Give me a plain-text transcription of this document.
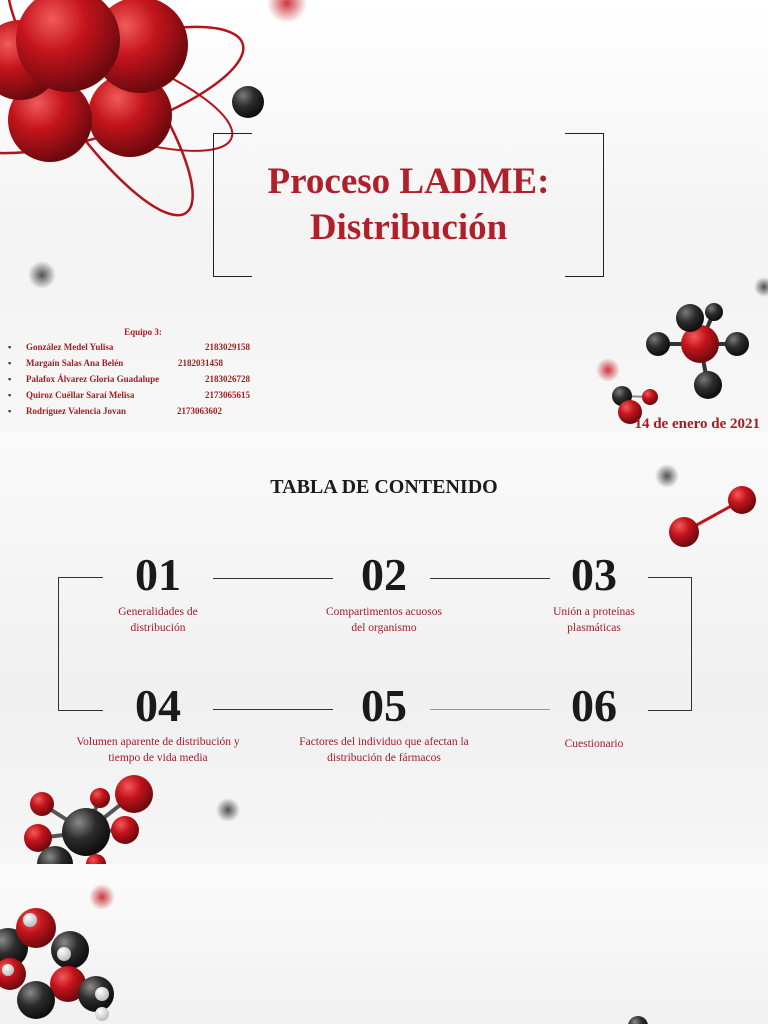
Proceso LADME:
Distribución
Equipo 3:
▪ González Medel Yulisa	2183029158
▪ Margaín Salas Ana Belén	2182031458
▪ Palafox Álvarez Gloria Guadalupe	2183026728
▪ Quiroz Cuéllar Saraí Melisa	2173065615
▪ Rodríguez Valencia Jovan	2173063602
14 de enero de 2021
TABLA DE CONTENIDO
01
Generalidades de
distribución
02
Compartimentos acuosos
del organismo
03
Unión a proteínas
plasmáticas
04
Volumen aparente de distribución y
tiempo de vida media
05
Factores del individuo que afectan la
distribución de fármacos
06
Cuestionario
